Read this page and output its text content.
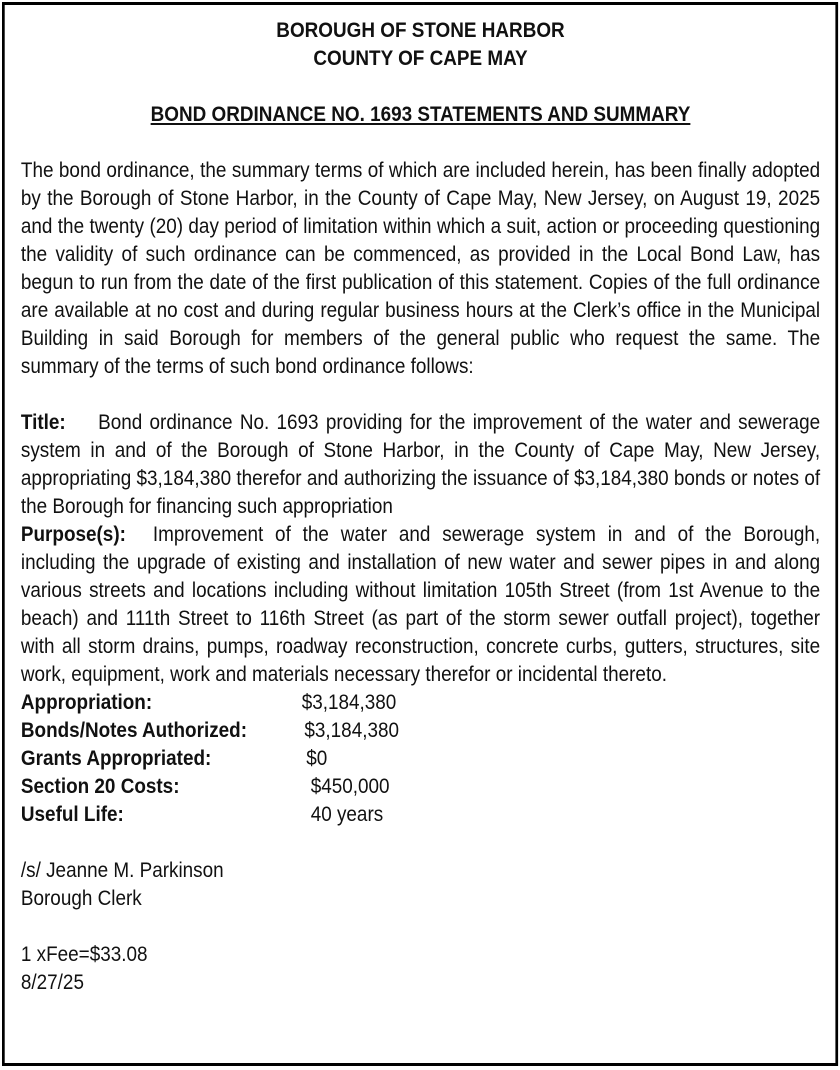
BOROUGH OF STONE HARBOR

COUNTY OF CAPE MAY

BOND ORDINANCE NO. 1693 STATEMENTS AND SUMMARY

The bond ordinance, the summary terms of which are included herein, has been finally adopted by the Borough of Stone Harbor, in the County of Cape May, New Jersey, on August 19, 2025 and the twenty (20) day period of limitation within which a suit, action or proceeding questioning the validity of such ordinance can be commenced, as provided in the Local Bond Law, has begun to run from the date of the first publication of this statement. Copies of the full ordinance are available at no cost and during regular business hours at the Clerk’s office in the Municipal Building in said Borough for members of the general public who request the same. The summary of the terms of such bond ordinance follows:

Title: Bond ordinance No. 1693 providing for the improvement of the water and sewerage system in and of the Borough of Stone Harbor, in the County of Cape May, New Jersey, appropriating $3,184,380 therefor and authorizing the issuance of $3,184,380 bonds or notes of the Borough for financing such appropriation

Purpose(s): Improvement of the water and sewerage system in and of the Borough, including the upgrade of existing and installation of new water and sewer pipes in and along various streets and locations including without limitation 105th Street (from 1st Avenue to the beach) and 111th Street to 116th Street (as part of the storm sewer outfall project), together with all storm drains, pumps, roadway reconstruction, concrete curbs, gutters, structures, site work, equipment, work and materials necessary therefor or incidental thereto.

Appropriation:	$3,184,380
Bonds/Notes Authorized:	$3,184,380
Grants Appropriated:	$0
Section 20 Costs:	$450,000
Useful Life:	40 years

/s/ Jeanne M. Parkinson

Borough Clerk

1 xFee=$33.08

8/27/25
